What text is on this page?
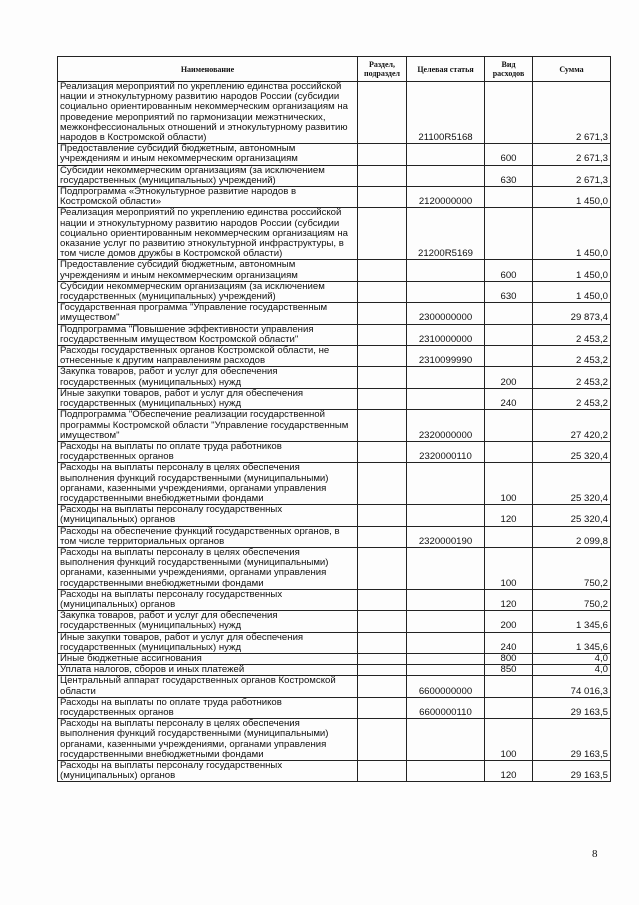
Наименование	Раздел, подраздел	Целевая статья	Вид расходов	Сумма
Реализация мероприятий по укреплению единства российской нации и этнокультурному развитию народов России (субсидии социально ориентированным некоммерческим организациям на проведение мероприятий по гармонизации межэтнических, межконфессиональных отношений и этнокультурному развитию народов в Костромской области)		21100R5168		2 671,3
Предоставление субсидий бюджетным, автономным учреждениям и иным некоммерческим организациям			600	2 671,3
Субсидии некоммерческим организациям (за исключением государственных (муниципальных) учреждений)			630	2 671,3
Подпрограмма «Этнокультурное развитие народов в Костромской области»		2120000000		1 450,0
Реализация мероприятий по укреплению единства российской нации и этнокультурному развитию народов России (субсидии социально ориентированным некоммерческим организациям на оказание услуг по развитию этнокультурной инфраструктуры, в том числе домов дружбы в Костромской области)		21200R5169		1 450,0
Предоставление субсидий бюджетным, автономным учреждениям и иным некоммерческим организациям			600	1 450,0
Субсидии некоммерческим организациям (за исключением государственных (муниципальных) учреждений)			630	1 450,0
Государственная программа "Управление государственным имуществом"		2300000000		29 873,4
Подпрограмма "Повышение эффективности управления государственным имуществом Костромской области"		2310000000		2 453,2
Расходы государственных органов Костромской области, не отнесенные к другим направлениям расходов		2310099990		2 453,2
Закупка товаров, работ и услуг для обеспечения государственных (муниципальных) нужд			200	2 453,2
Иные закупки товаров, работ и услуг для обеспечения государственных (муниципальных) нужд			240	2 453,2
Подпрограмма "Обеспечение реализации государственной программы Костромской области "Управление государственным имуществом"		2320000000		27 420,2
Расходы на выплаты по оплате труда работников государственных органов		2320000110		25 320,4
Расходы на выплаты персоналу в целях обеспечения выполнения функций государственными (муниципальными) органами, казенными учреждениями, органами управления государственными внебюджетными фондами			100	25 320,4
Расходы на выплаты персоналу государственных (муниципальных) органов			120	25 320,4
Расходы на обеспечение функций государственных органов, в том числе территориальных органов		2320000190		2 099,8
Расходы на выплаты персоналу в целях обеспечения выполнения функций государственными (муниципальными) органами, казенными учреждениями, органами управления государственными внебюджетными фондами			100	750,2
Расходы на выплаты персоналу государственных (муниципальных) органов			120	750,2
Закупка товаров, работ и услуг для обеспечения государственных (муниципальных) нужд			200	1 345,6
Иные закупки товаров, работ и услуг для обеспечения государственных (муниципальных) нужд			240	1 345,6
Иные бюджетные ассигнования			800	4,0
Уплата налогов, сборов и иных платежей			850	4,0
Центральный аппарат государственных органов Костромской области		6600000000		74 016,3
Расходы на выплаты по оплате труда работников государственных органов		6600000110		29 163,5
Расходы на выплаты персоналу в целях обеспечения выполнения функций государственными (муниципальными) органами, казенными учреждениями, органами управления государственными внебюджетными фондами			100	29 163,5
Расходы на выплаты персоналу государственных (муниципальных) органов			120	29 163,5
8
